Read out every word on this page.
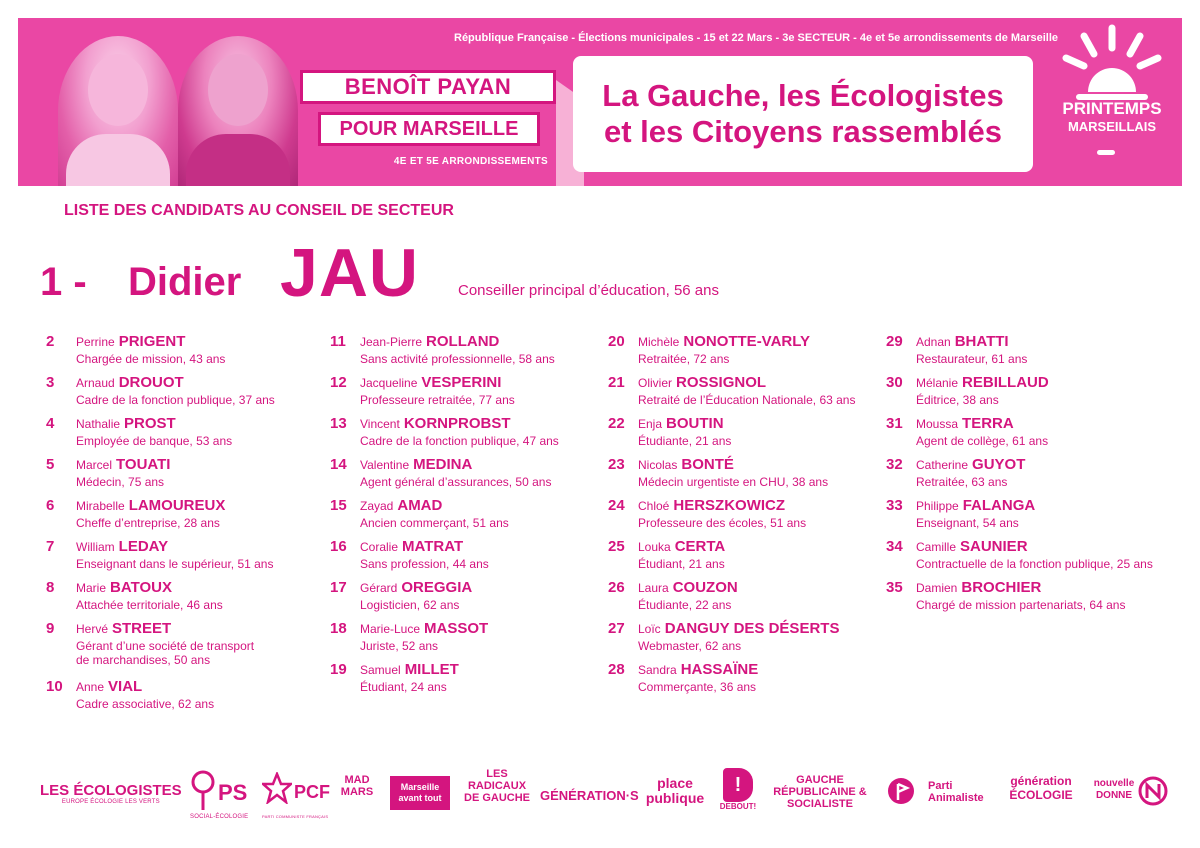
République Française - Élections municipales - 15 et 22 Mars - 3e SECTEUR - 4e et 5e arrondissements de Marseille
BENOÎT PAYAN
POUR MARSEILLE
4E ET 5E ARRONDISSEMENTS
La Gauche, les Écologistes
et les Citoyens rassemblés
PRINTEMPS
MARSEILLAIS
LISTE DES CANDIDATS AU CONSEIL DE SECTEUR
1 - Didier JAU	Conseiller principal d’éducation, 56 ans
2	Perrine PRIGENT
Chargée de mission, 43 ans
3	Arnaud DROUOT
Cadre de la fonction publique, 37 ans
4	Nathalie PROST
Employée de banque, 53 ans
5	Marcel TOUATI
Médecin, 75 ans
6	Mirabelle LAMOUREUX
Cheffe d’entreprise, 28 ans
7	William LEDAY
Enseignant dans le supérieur, 51 ans
8	Marie BATOUX
Attachée territoriale, 46 ans
9	Hervé STREET
Gérant d’une société de transport
de marchandises, 50 ans
10	Anne VIAL
Cadre associative, 62 ans
11	Jean-Pierre ROLLAND
Sans activité professionnelle, 58 ans
12	Jacqueline VESPERINI
Professeure retraitée, 77 ans
13	Vincent KORNPROBST
Cadre de la fonction publique, 47 ans
14	Valentine MEDINA
Agent général d’assurances, 50 ans
15	Zayad AMAD
Ancien commerçant, 51 ans
16	Coralie MATRAT
Sans profession, 44 ans
17	Gérard OREGGIA
Logisticien, 62 ans
18	Marie-Luce MASSOT
Juriste, 52 ans
19	Samuel MILLET
Étudiant, 24 ans
20	Michèle NONOTTE-VARLY
Retraitée, 72 ans
21	Olivier ROSSIGNOL
Retraité de l’Éducation Nationale, 63 ans
22	Enja BOUTIN
Étudiante, 21 ans
23	Nicolas BONTÉ
Médecin urgentiste en CHU, 38 ans
24	Chloé HERSZKOWICZ
Professeure des écoles, 51 ans
25	Louka CERTA
Étudiant, 21 ans
26	Laura COUZON
Étudiante, 22 ans
27	Loïc DANGUY DES DÉSERTS
Webmaster, 62 ans
28	Sandra HASSAÏNE
Commerçante, 36 ans
29	Adnan BHATTI
Restaurateur, 61 ans
30	Mélanie REBILLAUD
Éditrice, 38 ans
31	Moussa TERRA
Agent de collège, 61 ans
32	Catherine GUYOT
Retraitée, 63 ans
33	Philippe FALANGA
Enseignant, 54 ans
34	Camille SAUNIER
Contractuelle de la fonction publique, 25 ans
35	Damien BROCHIER
Chargé de mission partenariats, 64 ans
LES ÉCOLOGISTES
EUROPE ÉCOLOGIE LES VERTS	PS
SOCIAL-ÉCOLOGIE
PCF
PARTI COMMUNISTE FRANÇAIS
MAD MARS	Marseille avant tout
LES RADICAUX DE GAUCHE GÉNÉRATION·S
place publique
!
DEBOUT!
GAUCHE RÉPUBLICAINE & SOCIALISTE
Parti Animaliste
génération ÉCOLOGIE
nouvelle DONNE
